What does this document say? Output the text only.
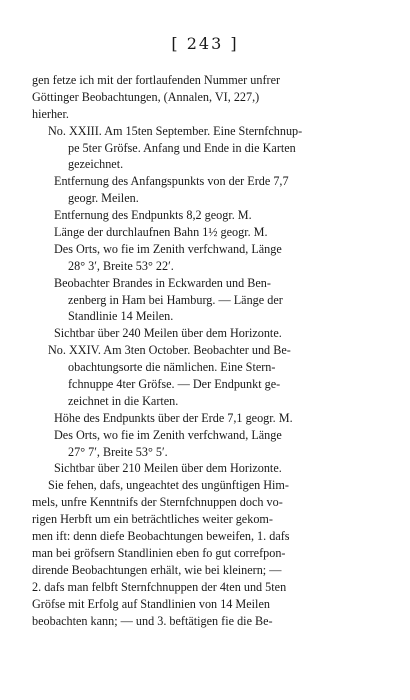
[ 243 ]
gen fetze ich mit der fortlaufenden Nummer unfrer
Göttinger Beobachtungen, (Annalen, VI, 227,)
hierher.
No. XXIII. Am 15ten September. Eine Sternfchnup-
pe 5ter Gröfse. Anfang und Ende in die Karten
gezeichnet.
Entfernung des Anfangspunkts von der Erde 7,7
geogr. Meilen.
Entfernung des Endpunkts 8,2 geogr. M.
Länge der durchlaufnen Bahn 1½ geogr. M.
Des Orts, wo fie im Zenith verfchwand, Länge
28° 3′, Breite 53° 22′.
Beobachter Brandes in Eckwarden und Ben-
zenberg in Ham bei Hamburg. — Länge der
Standlinie 14 Meilen.
Sichtbar über 240 Meilen über dem Horizonte.
No. XXIV. Am 3ten October. Beobachter und Be-
obachtungsorte die nämlichen. Eine Stern-
fchnuppe 4ter Gröfse. — Der Endpunkt ge-
zeichnet in die Karten.
Höhe des Endpunkts über der Erde 7,1 geogr. M.
Des Orts, wo fie im Zenith verfchwand, Länge
27° 7′, Breite 53° 5′.
Sichtbar über 210 Meilen über dem Horizonte.
Sie fehen, dafs, ungeachtet des ungünftigen Him-
mels, unfre Kenntnifs der Sternfchnuppen doch vo-
rigen Herbft um ein beträchtliches weiter gekom-
men ift: denn diefe Beobachtungen beweifen, 1. dafs
man bei gröfsern Standlinien eben fo gut correfpon-
dirende Beobachtungen erhält, wie bei kleinern; —
2. dafs man felbft Sternfchnuppen der 4ten und 5ten
Gröfse mit Erfolg auf Standlinien von 14 Meilen
beobachten kann; — und 3. beftätigen fie die Be-
